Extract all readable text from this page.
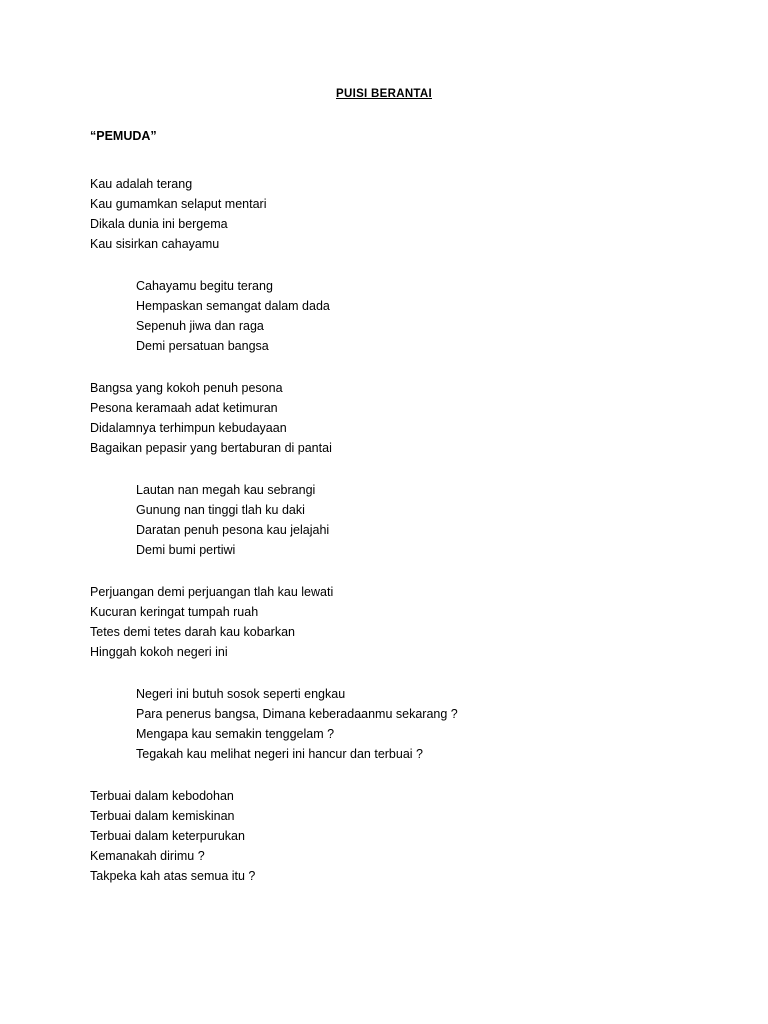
PUISI BERANTAI
“PEMUDA”
Kau adalah terang
Kau gumamkan selaput mentari
Dikala dunia ini bergema
Kau sisirkan cahayamu
Cahayamu begitu terang
Hempaskan semangat dalam dada
Sepenuh jiwa dan raga
Demi persatuan bangsa
Bangsa yang kokoh penuh pesona
Pesona keramaah adat ketimuran
Didalamnya terhimpun kebudayaan
Bagaikan pepasir yang bertaburan di pantai
Lautan nan megah kau sebrangi
Gunung nan tinggi tlah ku daki
Daratan penuh pesona kau jelajahi
Demi bumi pertiwi
Perjuangan demi perjuangan tlah kau lewati
Kucuran keringat tumpah ruah
Tetes demi tetes darah kau kobarkan
Hinggah kokoh negeri ini
Negeri ini butuh sosok seperti engkau
Para penerus bangsa, Dimana keberadaanmu sekarang ?
Mengapa kau semakin tenggelam ?
Tegakah kau melihat negeri ini hancur dan terbuai ?
Terbuai dalam kebodohan
Terbuai dalam kemiskinan
Terbuai dalam keterpurukan
Kemanakah dirimu ?
Takpeka kah atas semua itu ?
